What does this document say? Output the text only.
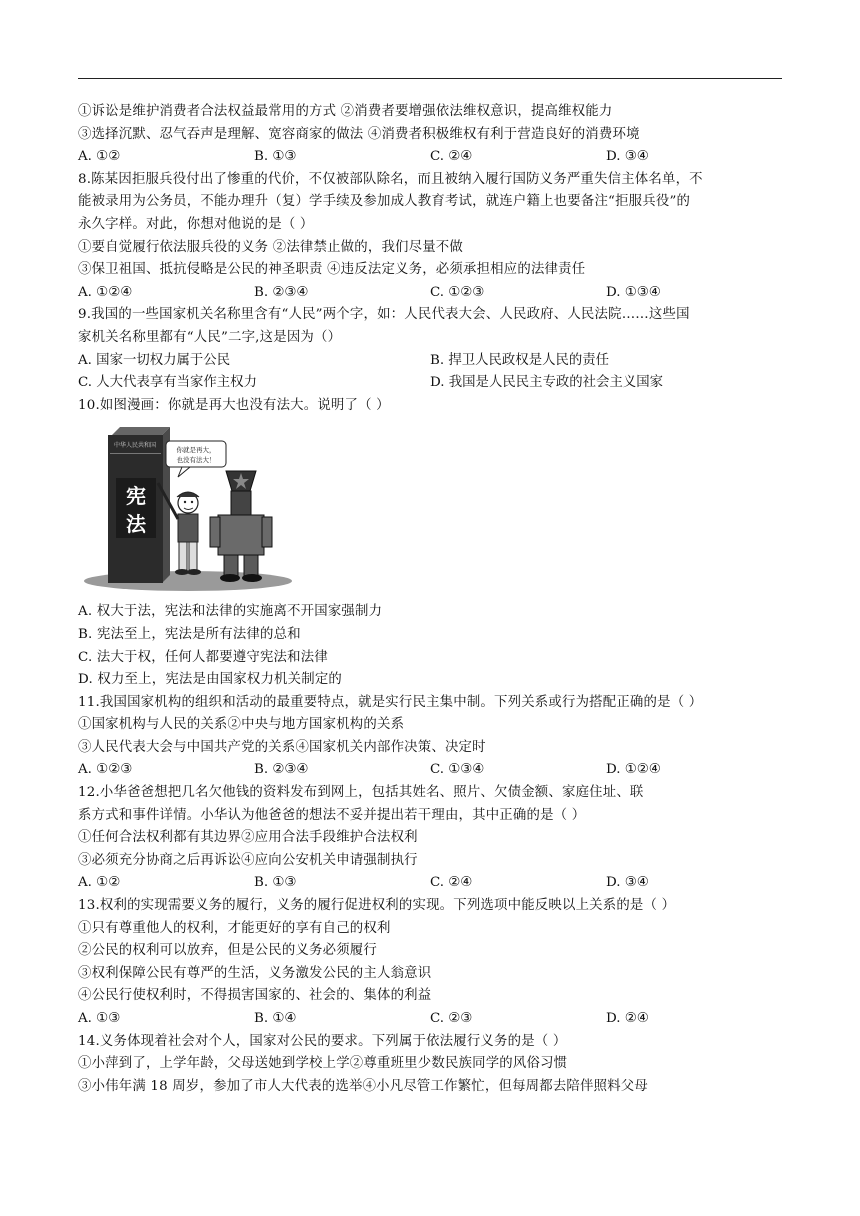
①诉讼是维护消费者合法权益最常用的方式 ②消费者要增强依法维权意识，提高维权能力
③选择沉默、忍气吞声是理解、宽容商家的做法 ④消费者积极维权有利于营造良好的消费环境
A. ①②	B. ①③	C. ②④	D. ③④
8.陈某因拒服兵役付出了惨重的代价，不仅被部队除名，而且被纳入履行国防义务严重失信主体名单，不
能被录用为公务员，不能办理升（复）学手续及参加成人教育考试，就连户籍上也要备注“拒服兵役”的
永久字样。对此，你想对他说的是（ ）
①要自觉履行依法服兵役的义务 ②法律禁止做的，我们尽量不做
③保卫祖国、抵抗侵略是公民的神圣职责 ④违反法定义务，必须承担相应的法律责任
A. ①②④	B. ②③④	C. ①②③	D. ①③④
9.我国的一些国家机关名称里含有“人民”两个字，如：人民代表大会、人民政府、人民法院……这些国
家机关名称里都有“人民”二字,这是因为（）
A. 国家一切权力属于公民	B. 捍卫人民政权是人民的责任
C. 人大代表享有当家作主权力	D. 我国是人民民主专政的社会主义国家
10.如图漫画：你就是再大也没有法大。说明了（ ）
中华人民共和国
宪
法
你就是再大，
也没有法大！
A. 权大于法，宪法和法律的实施离不开国家强制力
B. 宪法至上，宪法是所有法律的总和
C. 法大于权，任何人都要遵守宪法和法律
D. 权力至上，宪法是由国家权力机关制定的
11.我国国家机构的组织和活动的最重要特点，就是实行民主集中制。下列关系或行为搭配正确的是（ ）
①国家机构与人民的关系②中央与地方国家机构的关系
③人民代表大会与中国共产党的关系④国家机关内部作决策、决定时
A. ①②③	B. ②③④	C. ①③④	D. ①②④
12.小华爸爸想把几名欠他钱的资料发布到网上，包括其姓名、照片、欠债金额、家庭住址、联
系方式和事件详情。小华认为他爸爸的想法不妥并提出若干理由，其中正确的是（ ）
①任何合法权利都有其边界②应用合法手段维护合法权利
③必须充分协商之后再诉讼④应向公安机关申请强制执行
A. ①②	B. ①③	C. ②④	D. ③④
13.权利的实现需要义务的履行，义务的履行促进权利的实现。下列选项中能反映以上关系的是（ ）
①只有尊重他人的权利，才能更好的享有自己的权利
②公民的权利可以放弃，但是公民的义务必须履行
③权利保障公民有尊严的生活，义务激发公民的主人翁意识
④公民行使权利时，不得损害国家的、社会的、集体的利益
A. ①③	B. ①④	C. ②③	D. ②④
14.义务体现着社会对个人，国家对公民的要求。下列属于依法履行义务的是（ ）
①小萍到了，上学年龄，父母送她到学校上学②尊重班里少数民族同学的风俗习惯
③小伟年满 18 周岁，参加了市人大代表的选举④小凡尽管工作繁忙，但每周都去陪伴照料父母
